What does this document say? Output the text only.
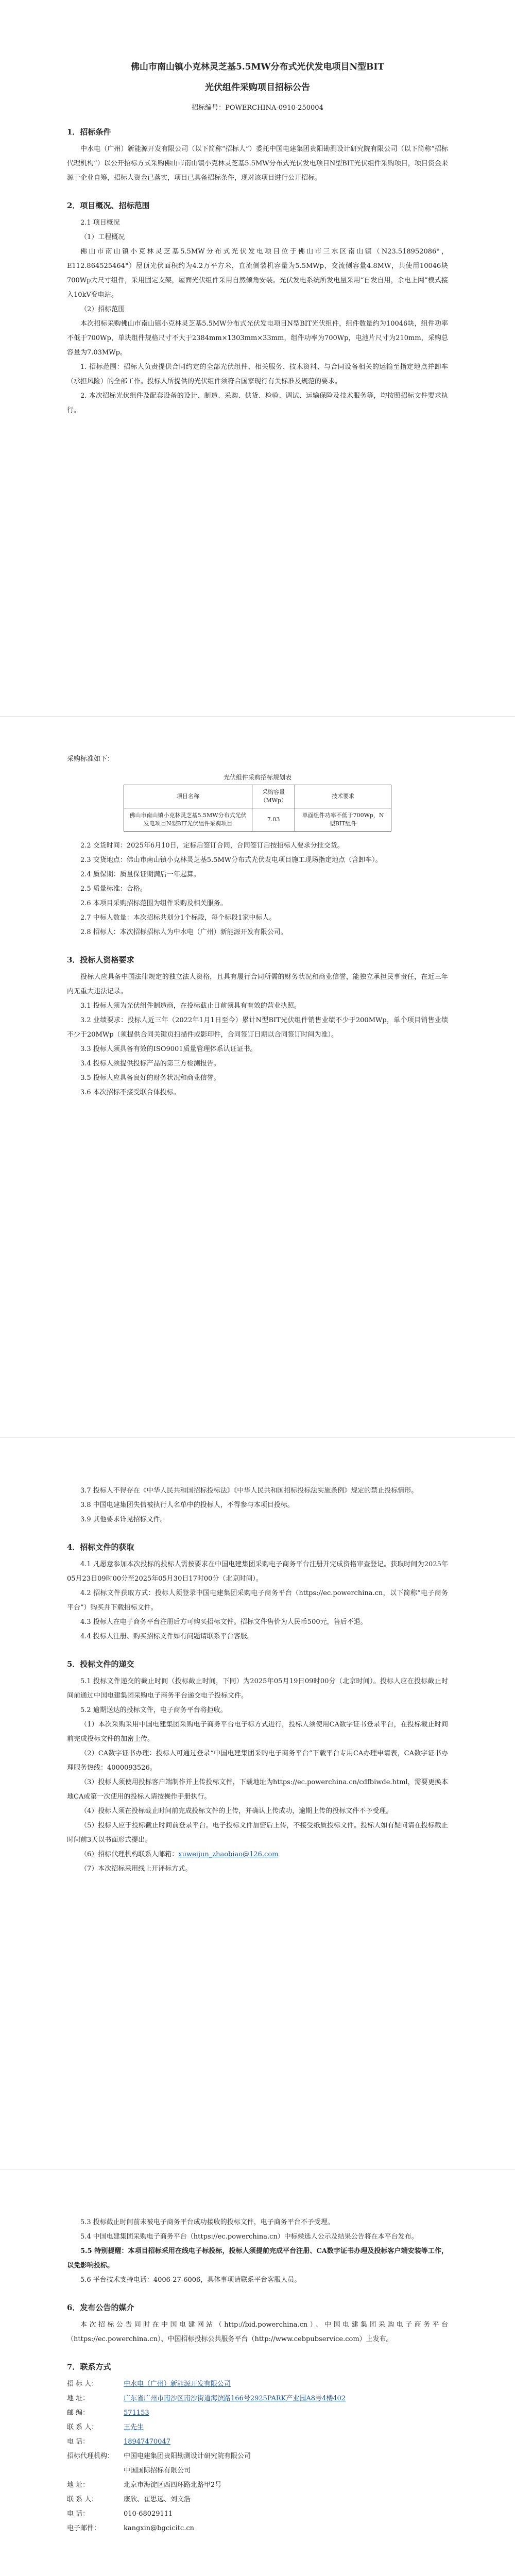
佛山市南山镇小克林灵芝基5.5MW分布式光伏发电项目N型BIT
光伏组件采购项目招标公告
招标编号：POWERCHINA-0910-250004
1．招标条件

中水电（广州）新能源开发有限公司（以下简称“招标人”）委托中国电建集团贵阳勘测设计研究院有限公司（以下简称“招标代理机构”）以公开招标方式采购佛山市南山镇小克林灵芝基5.5MW分布式光伏发电项目N型BIT光伏组件采购项目，项目资金来源于企业自筹，招标人资金已落实，项目已具备招标条件，现对该项目进行公开招标。

2．项目概况、招标范围

2.1 项目概况

（1）工程概况

佛山市南山镇小克林灵芝基5.5MW分布式光伏发电项目位于佛山市三水区南山镇（N23.518952086°，E112.864525464°）屋顶光伏面积约为4.2万平方米，直流侧装机容量为5.5MWp，交流侧容量4.8MW，共使用10046块700Wp大尺寸组件，采用固定支架，屋面光伏组件采用自然倾角安装。光伏发电系统所发电量采用“自发自用，余电上网”模式接入10kV变电站。

（2）招标范围

本次招标采购佛山市南山镇小克林灵芝基5.5MW分布式光伏发电项目N型BIT光伏组件，组件数量约为10046块，组件功率不低于700Wp，单块组件规格尺寸不大于2384mm×1303mm×33mm，组件功率为700Wp，电池片尺寸为210mm，采购总容量为7.03MWp。

1. 招标范围：招标人负责提供合同约定的全部光伏组件、相关服务、技术资料、与合同设备相关的运输至指定地点并卸车（承担风险）的全部工作。投标人所提供的光伏组件须符合国家现行有关标准及规范的要求。

2. 本次招标光伏组件及配套设备的设计、制造、采购、供货、检验、调试、运输保险及技术服务等，均按照招标文件要求执行。

采购标准如下：

光伏组件采购招标规划表
项目名称	采购容量（MWp）	技术要求
佛山市南山镇小克林灵芝基5.5MW分布式光伏发电项目N型BIT光伏组件采购项目	7.03	单面组件功率不低于700Wp，N型BIT组件

2.2 交货时间：2025年6月10日，定标后签订合同，合同签订后按招标人要求分批交货。

2.3 交货地点：佛山市南山镇小克林灵芝基5.5MW分布式光伏发电项目施工现场指定地点（含卸车）。

2.4 质保期：质量保证期满后一年起算。

2.5 质量标准：合格。

2.6 本项目采购招标范围为组件采购及相关服务。

2.7 中标人数量：本次招标共划分1个标段，每个标段1家中标人。

2.8 招标人：本次招标招标人为中水电（广州）新能源开发有限公司。

3．投标人资格要求

投标人应具备中国法律规定的独立法人资格，且具有履行合同所需的财务状况和商业信誉，能独立承担民事责任，在近三年内无重大违法记录。

3.1 投标人须为光伏组件制造商，在投标截止日前须具有有效的营业执照。

3.2 业绩要求：投标人近三年（2022年1月1日至今）累计N型BIT光伏组件销售业绩不少于200MWp，单个项目销售业绩不少于20MWp（须提供合同关键页扫描件或影印件，合同签订日期以合同签订时间为准）。

3.3 投标人须具备有效的ISO9001质量管理体系认证证书。

3.4 投标人须提供投标产品的第三方检测报告。

3.5 投标人应具备良好的财务状况和商业信誉。

3.6 本次招标不接受联合体投标。

3.7 投标人不得存在《中华人民共和国招标投标法》《中华人民共和国招标投标法实施条例》规定的禁止投标情形。

3.8 中国电建集团失信被执行人名单中的投标人，不得参与本项目投标。

3.9 其他要求详见招标文件。

4．招标文件的获取

4.1 凡愿意参加本次投标的投标人需按要求在中国电建集团采购电子商务平台注册并完成资格审查登记。获取时间为2025年05月23日09时00分至2025年05月30日17时00分（北京时间）。

4.2 招标文件获取方式：投标人须登录中国电建集团采购电子商务平台（https://ec.powerchina.cn，以下简称“电子商务平台”）购买并下载招标文件。

4.3 投标人在电子商务平台注册后方可购买招标文件。招标文件售价为人民币500元，售后不退。

4.4 投标人注册、购买招标文件如有问题请联系平台客服。

5．投标文件的递交

5.1 投标文件递交的截止时间（投标截止时间，下同）为2025年05月19日09时00分（北京时间）。投标人应在投标截止时间前通过中国电建集团采购电子商务平台递交电子投标文件。

5.2 逾期送达的投标文件，电子商务平台将拒收。

（1）本次采购采用中国电建集团采购电子商务平台电子标方式进行，投标人须使用CA数字证书登录平台，在投标截止时间前完成投标文件的加密上传。

（2）CA数字证书办理：投标人可通过登录“中国电建集团采购电子商务平台”下载平台专用CA办理申请表，CA数字证书办理服务热线：4000093526。

（3）投标人须使用投标客户端制作并上传投标文件，下载地址为https://ec.powerchina.cn/cdfbiwde.html，需要更换本地CA或第一次使用的投标人请按操作手册执行。

（4）投标人须在投标截止时间前完成投标文件的上传，并确认上传成功，逾期上传的投标文件不予受理。

（5）投标人应于投标截止时间前登录平台。电子投标文件加密后上传，不接受纸质投标文件。投标人如有疑问请在投标截止时间前3天以书面形式提出。

（6）招标代理机构联系人邮箱：xuweijun_zhaobiao@126.com

（7）本次招标采用线上开评标方式。

5.3 投标截止时间前未被电子商务平台成功接收的投标文件，电子商务平台不予受理。

5.4 中国电建集团采购电子商务平台（https://ec.powerchina.cn）中标候选人公示及结果公告将在本平台发布。

5.5 特别提醒：本项目招标采用在线电子标投标，投标人须提前完成平台注册、CA数字证书办理及投标客户端安装等工作，以免影响投标。

5.6 平台技术支持电话：4006-27-6006，具体事项请联系平台客服人员。

6．发布公告的媒介

本次招标公告同时在中国电建网站（http://bid.powerchina.cn）、中国电建集团采购电子商务平台（https://ec.powerchina.cn）、中国招标投标公共服务平台（http://www.cebpubservice.com）上发布。

7．联系方式
招 标 人：	中水电（广州）新能源开发有限公司
地 址：	广东省广州市南沙区南沙街道海滨路166号2925PARK产业园A8号4楼402
邮 编：	571153
联 系 人：	王先生
电 话：	18947470047
招标代理机构：	中国电建集团贵阳勘测设计研究院有限公司
中国国际招标有限公司
地 址：	北京市海淀区西四环路北路甲2号
联 系 人：	康欣、崔思远、刘文浩
电 话：	010-68029111
电子邮件：	kangxin@bgcicitc.cn
